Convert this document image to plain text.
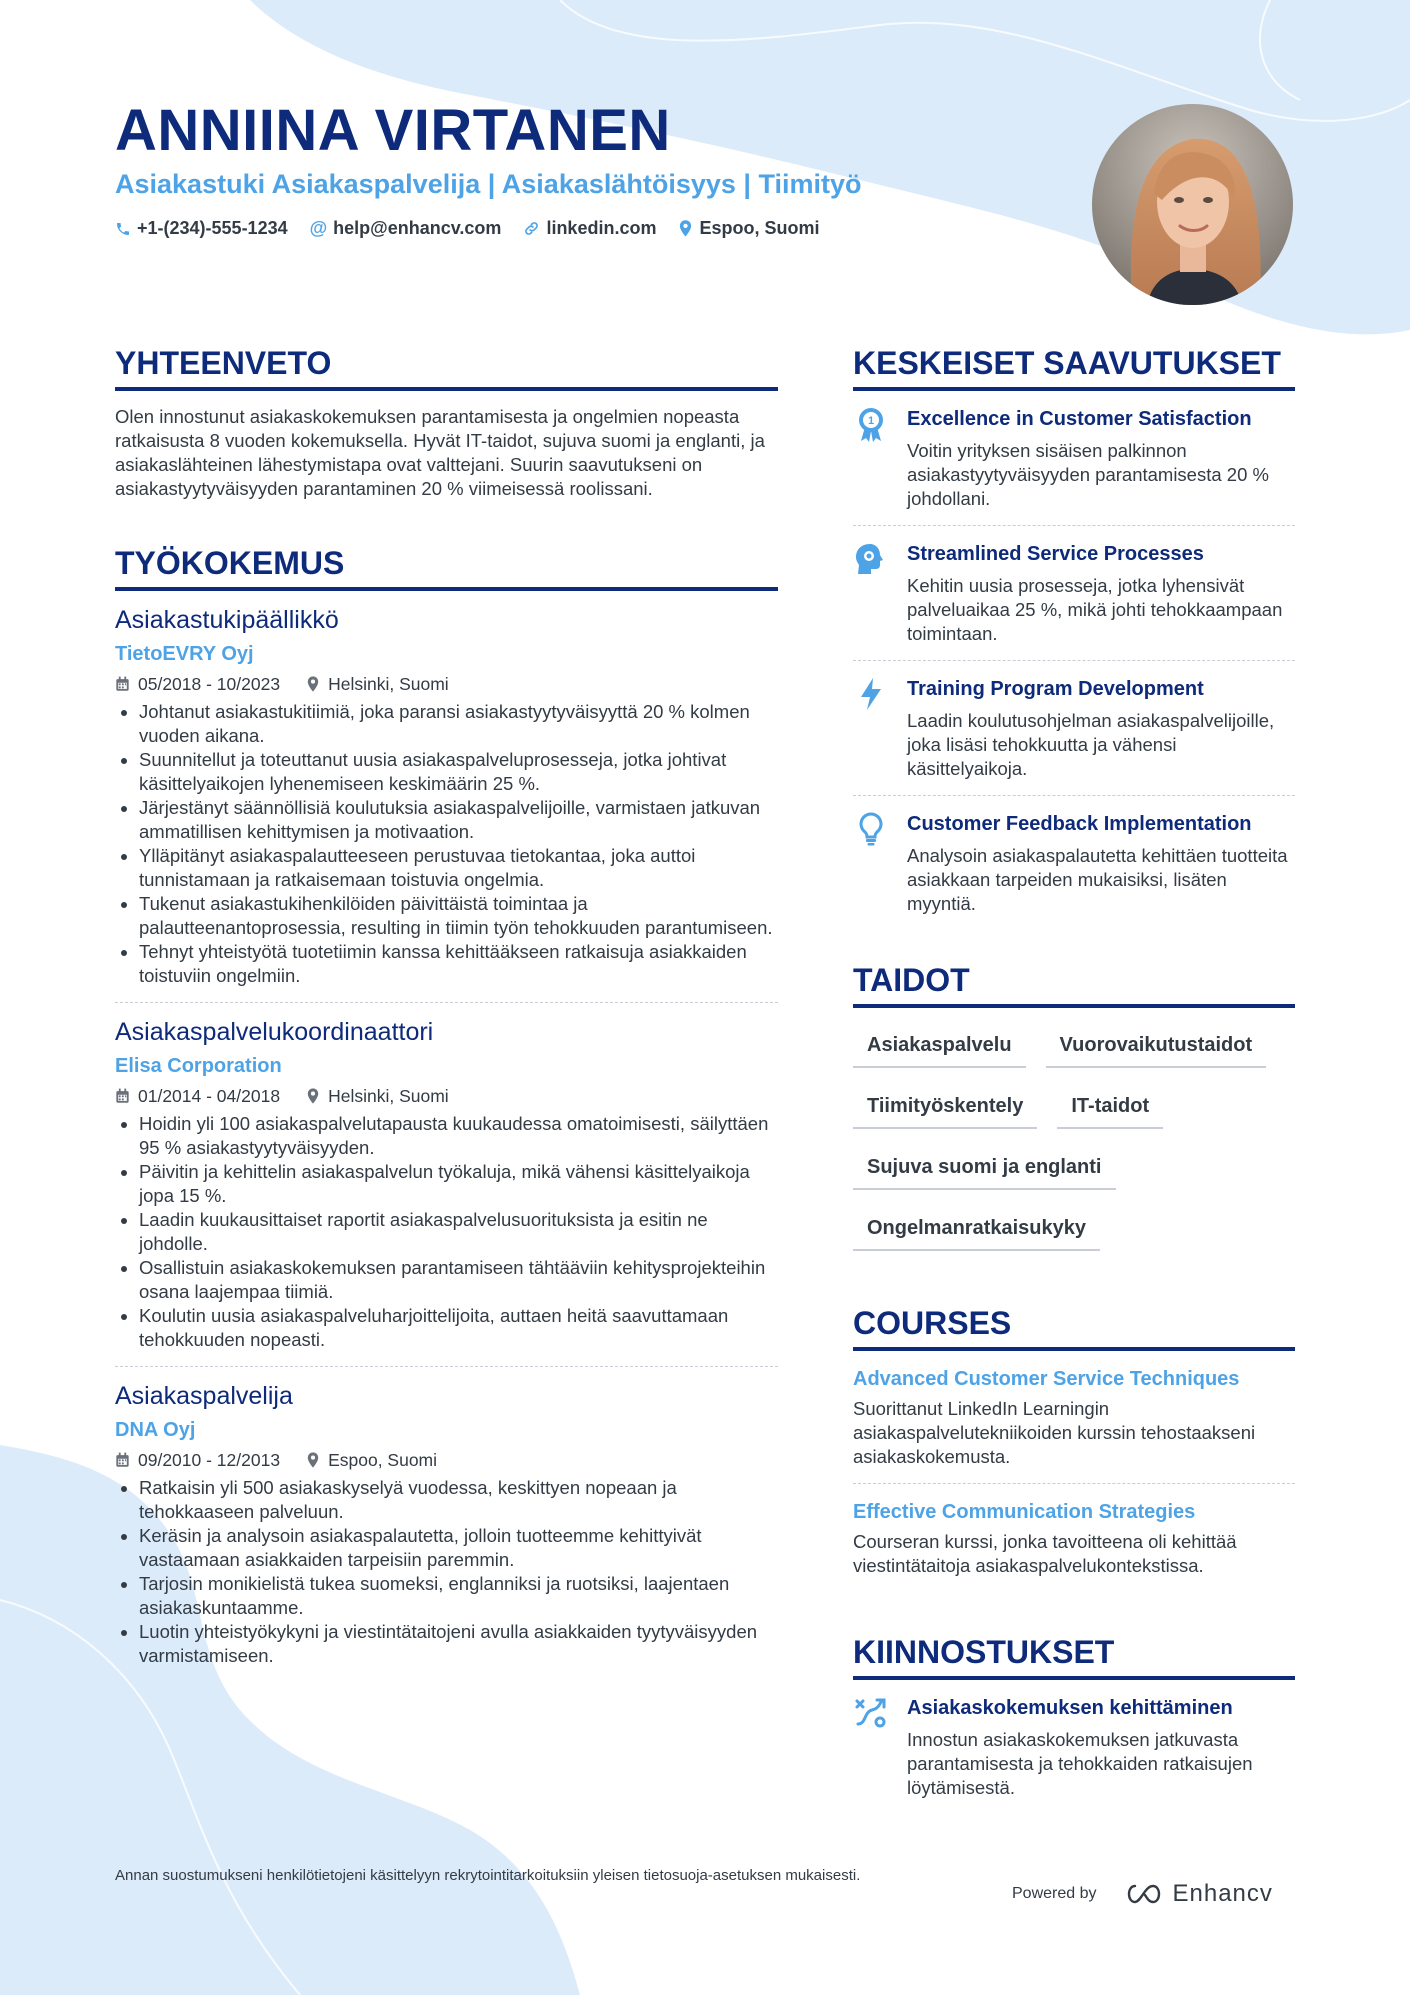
ANNIINA VIRTANEN

Asiakastuki Asiakaspalvelija | Asiakaslähtöisyys | Tiimityö

+1-(234)-555-1234 @ help@enhancv.com	linkedin.com Espoo, Suomi
YHTEENVETO

Olen innostunut asiakaskokemuksen parantamisesta ja ongelmien nopeasta ratkaisusta 8 vuoden kokemuksella. Hyvät IT-taidot, sujuva suomi ja englanti, ja asiakaslähteinen lähestymistapa ovat valttejani. Suurin saavutukseni on asiakastyytyväisyyden parantaminen 20 % viimeisessä roolissani.

TYÖKOKEMUS

Asiakastukipäällikkö

TietoEVRY Oyj

05/2018 - 10/2023	Helsinki, Suomi
• Johtanut asiakastukitiimiä, joka paransi asiakastyytyväisyyttä 20 % kolmen vuoden aikana.
• Suunnitellut ja toteuttanut uusia asiakaspalveluprosesseja, jotka johtivat käsittelyaikojen lyhenemiseen keskimäärin 25 %.
• Järjestänyt säännöllisiä koulutuksia asiakaspalvelijoille, varmistaen jatkuvan ammatillisen kehittymisen ja motivaation.
• Ylläpitänyt asiakaspalautteeseen perustuvaa tietokantaa, joka auttoi tunnistamaan ja ratkaisemaan toistuvia ongelmia.
• Tukenut asiakastukihenkilöiden päivittäistä toimintaa ja palautteenantoprosessia, resulting in tiimin työn tehokkuuden parantumiseen.
• Tehnyt yhteistyötä tuotetiimin kanssa kehittääkseen ratkaisuja asiakkaiden toistuviin ongelmiin.

Asiakaspalvelukoordinaattori

Elisa Corporation

01/2014 - 04/2018	Helsinki, Suomi
• Hoidin yli 100 asiakaspalvelutapausta kuukaudessa omatoimisesti, säilyttäen 95 % asiakastyytyväisyyden.
• Päivitin ja kehittelin asiakaspalvelun työkaluja, mikä vähensi käsittelyaikoja jopa 15 %.
• Laadin kuukausittaiset raportit asiakaspalvelusuorituksista ja esitin ne johdolle.
• Osallistuin asiakaskokemuksen parantamiseen tähtääviin kehitysprojekteihin osana laajempaa tiimiä.
• Koulutin uusia asiakaspalveluharjoittelijoita, auttaen heitä saavuttamaan tehokkuuden nopeasti.

Asiakaspalvelija

DNA Oyj

09/2010 - 12/2013	Espoo, Suomi
• Ratkaisin yli 500 asiakaskyselyä vuodessa, keskittyen nopeaan ja tehokkaaseen palveluun.
• Keräsin ja analysoin asiakaspalautetta, jolloin tuotteemme kehittyivät vastaamaan asiakkaiden tarpeisiin paremmin.
• Tarjosin monikielistä tukea suomeksi, englanniksi ja ruotsiksi, laajentaen asiakaskuntaamme.
• Luotin yhteistyökykyni ja viestintätaitojeni avulla asiakkaiden tyytyväisyyden varmistamiseen.
KESKEISET SAAVUTUKSET
1 Excellence in Customer Satisfaction

Voitin yrityksen sisäisen palkinnon asiakastyytyväisyyden parantamisesta 20 % johdollani.

Streamlined Service Processes

Kehitin uusia prosesseja, jotka lyhensivät palveluaikaa 25 %, mikä johti tehokkaampaan toimintaan.

Training Program Development

Laadin koulutusohjelman asiakaspalvelijoille, joka lisäsi tehokkuutta ja vähensi käsittelyaikoja.

Customer Feedback Implementation

Analysoin asiakaspalautetta kehittäen tuotteita asiakkaan tarpeiden mukaisiksi, lisäten myyntiä.

TAIDOT
Asiakaspalvelu	Vuorovaikutustaidot
Tiimityöskentely	IT-taidot
Sujuva suomi ja englanti
Ongelmanratkaisukyky
COURSES

Advanced Customer Service Techniques

Suorittanut LinkedIn Learningin asiakaspalvelutekniikoiden kurssin tehostaakseni asiakaskokemusta.

Effective Communication Strategies

Courseran kurssi, jonka tavoitteena oli kehittää viestintätaitoja asiakaspalvelukontekstissa.

KIINNOSTUKSET

Asiakaskokemuksen kehittäminen

Innostun asiakaskokemuksen jatkuvasta parantamisesta ja tehokkaiden ratkaisujen löytämisestä.

Annan suostumukseni henkilötietojeni käsittelyyn rekrytointitarkoituksiin yleisen tietosuoja-asetuksen mukaisesti.

Powered by	Enhancv
